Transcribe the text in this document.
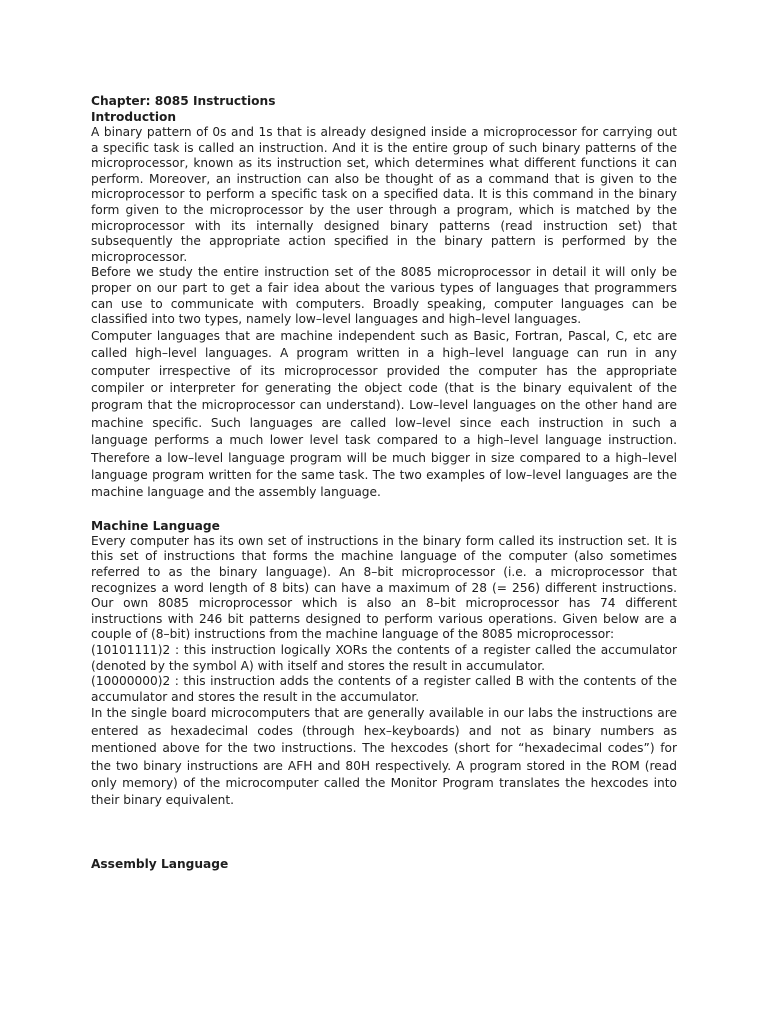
Chapter: 8085 Instructions

Introduction

A binary pattern of 0s and 1s that is already designed inside a microprocessor for carrying out a specific task is called an instruction. And it is the entire group of such binary patterns of the microprocessor, known as its instruction set, which determines what different functions it can perform. Moreover, an instruction can also be thought of as a command that is given to the microprocessor to perform a specific task on a specified data. It is this command in the binary form given to the microprocessor by the user through a program, which is matched by the microprocessor with its internally designed binary patterns (read instruction set) that subsequently the appropriate action specified in the binary pattern is performed by the microprocessor.

Before we study the entire instruction set of the 8085 microprocessor in detail it will only be proper on our part to get a fair idea about the various types of languages that programmers can use to communicate with computers. Broadly speaking, computer languages can be classified into two types, namely low–level languages and high–level languages.

Computer languages that are machine independent such as Basic, Fortran, Pascal, C, etc are called high–level languages. A program written in a high–level language can run in any computer irrespective of its microprocessor provided the computer has the appropriate compiler or interpreter for generating the object code (that is the binary equivalent of the program that the microprocessor can understand). Low–level languages on the other hand are machine specific. Such languages are called low–level since each instruction in such a language performs a much lower level task compared to a high–level language instruction. Therefore a low–level language program will be much bigger in size compared to a high–level language program written for the same task. The two examples of low–level languages are the machine language and the assembly language.

Machine Language

Every computer has its own set of instructions in the binary form called its instruction set. It is this set of instructions that forms the machine language of the computer (also sometimes referred to as the binary language). An 8–bit microprocessor (i.e. a microprocessor that recognizes a word length of 8 bits) can have a maximum of 28 (= 256) different instructions. Our own 8085 microprocessor which is also an 8–bit microprocessor has 74 different instructions with 246 bit patterns designed to perform various operations. Given below are a couple of (8–bit) instructions from the machine language of the 8085 microprocessor:

(10101111)2 : this instruction logically XORs the contents of a register called the accumulator (denoted by the symbol A) with itself and stores the result in accumulator.

(10000000)2 : this instruction adds the contents of a register called B with the contents of the accumulator and stores the result in the accumulator.

In the single board microcomputers that are generally available in our labs the instructions are entered as hexadecimal codes (through hex–keyboards) and not as binary numbers as mentioned above for the two instructions. The hexcodes (short for “hexadecimal codes”) for the two binary instructions are AFH and 80H respectively. A program stored in the ROM (read only memory) of the microcomputer called the Monitor Program translates the hexcodes into their binary equivalent.

Assembly Language
